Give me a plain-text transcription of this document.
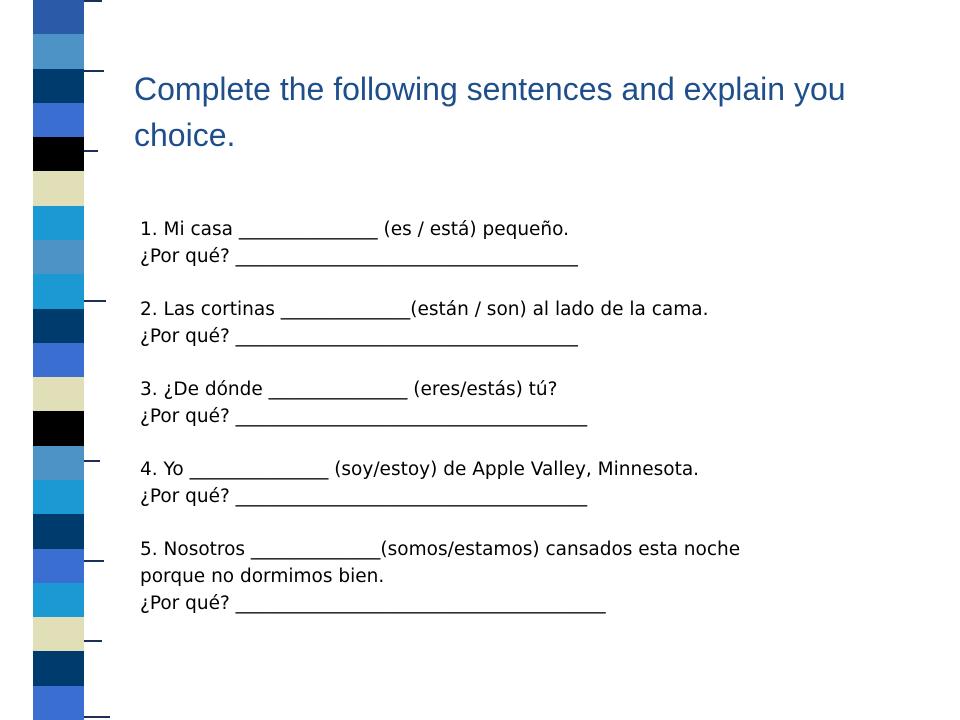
Complete the following sentences and explain you choice.
1. Mi casa _______________ (es / está) pequeño.
¿Por qué? _____________________________________
2. Las cortinas ______________(están / son) al lado de la cama.
¿Por qué? _____________________________________
3. ¿De dónde _______________ (eres/estás) tú?
¿Por qué? ______________________________________
4. Yo _______________ (soy/estoy) de Apple Valley, Minnesota.
¿Por qué? ______________________________________
5. Nosotros ______________(somos/estamos) cansados esta noche
porque no dormimos bien.
¿Por qué? ________________________________________
